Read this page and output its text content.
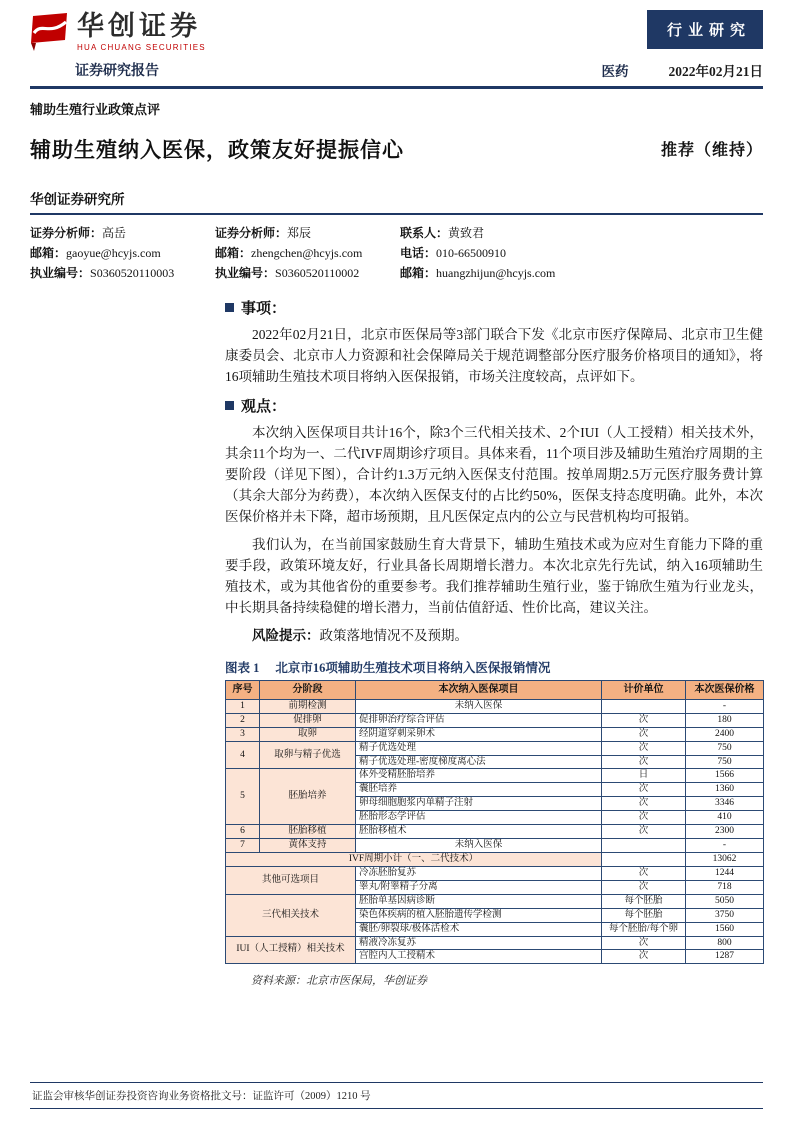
华创证券
HUA CHUANG SECURITIES
行业研究
证券研究报告	医药	2022年02月21日
辅助生殖行业政策点评
辅助生殖纳入医保，政策友好提振信心	推荐（维持）
华创证券研究所
证券分析师：高岳
邮箱：gaoyue@hcyjs.com
执业编号：S0360520110003
证券分析师：郑辰
邮箱：zhengchen@hcyjs.com
执业编号：S0360520110002
联系人：黄致君
电话：010-66500910
邮箱：huangzhijun@hcyjs.com
事项：

2022年02月21日，北京市医保局等3部门联合下发《北京市医疗保障局、北京市卫生健康委员会、北京市人力资源和社会保障局关于规范调整部分医疗服务价格项目的通知》，将16项辅助生殖技术项目将纳入医保报销，市场关注度较高，点评如下。

观点：

本次纳入医保项目共计16个，除3个三代相关技术、2个IUI（人工授精）相关技术外，其余11个均为一、二代IVF周期诊疗项目。具体来看，11个项目涉及辅助生殖治疗周期的主要阶段（详见下图），合计约1.3万元纳入医保支付范围。按单周期2.5万元医疗服务费计算（其余大部分为药费），本次纳入医保支付的占比约50%，医保支持态度明确。此外，本次医保价格并未下降，超市场预期，且凡医保定点内的公立与民营机构均可报销。

我们认为，在当前国家鼓励生育大背景下，辅助生殖技术或为应对生育能力下降的重要手段，政策环境友好，行业具备长周期增长潜力。本次北京先行先试，纳入16项辅助生殖技术，或为其他省份的重要参考。我们推荐辅助生殖行业，鉴于锦欣生殖为行业龙头，中长期具备持续稳健的增长潜力，当前估值舒适、性价比高，建议关注。

风险提示：政策落地情况不及预期。

图表 1 北京市16项辅助生殖技术项目将纳入医保报销情况
序号	分阶段	本次纳入医保项目	计价单位	本次医保价格
1	前期检测	未纳入医保		-
2	促排卵	促排卵治疗综合评估	次	180
3	取卵	经阴道穿刺采卵术	次	2400
4	取卵与精子优选	精子优选处理	次	750
		精子优选处理-密度梯度离心法	次	750
5	胚胎培养	体外受精胚胎培养	日	1566
		囊胚培养	次	1360
		卵母细胞胞浆内单精子注射	次	3346
		胚胎形态学评估	次	410
6	胚胎移植	胚胎移植术	次	2300
7	黄体支持	未纳入医保		-
IVF周期小计（一、二代技术）				13062
其他可选项目		冷冻胚胎复苏	次	1244
		睾丸/附睾精子分离	次	718
三代相关技术		胚胎单基因病诊断	每个胚胎	5050
		染色体疾病的植入胚胎遗传学检测	每个胚胎	3750
		囊胚/卵裂球/极体活检术	每个胚胎/每个卵	1560
IUI（人工授精）相关技术		精液冷冻复苏	次	800
		宫腔内人工授精术	次	1287
资料来源：北京市医保局，华创证券
证监会审核华创证券投资咨询业务资格批文号：证监许可（2009）1210 号
